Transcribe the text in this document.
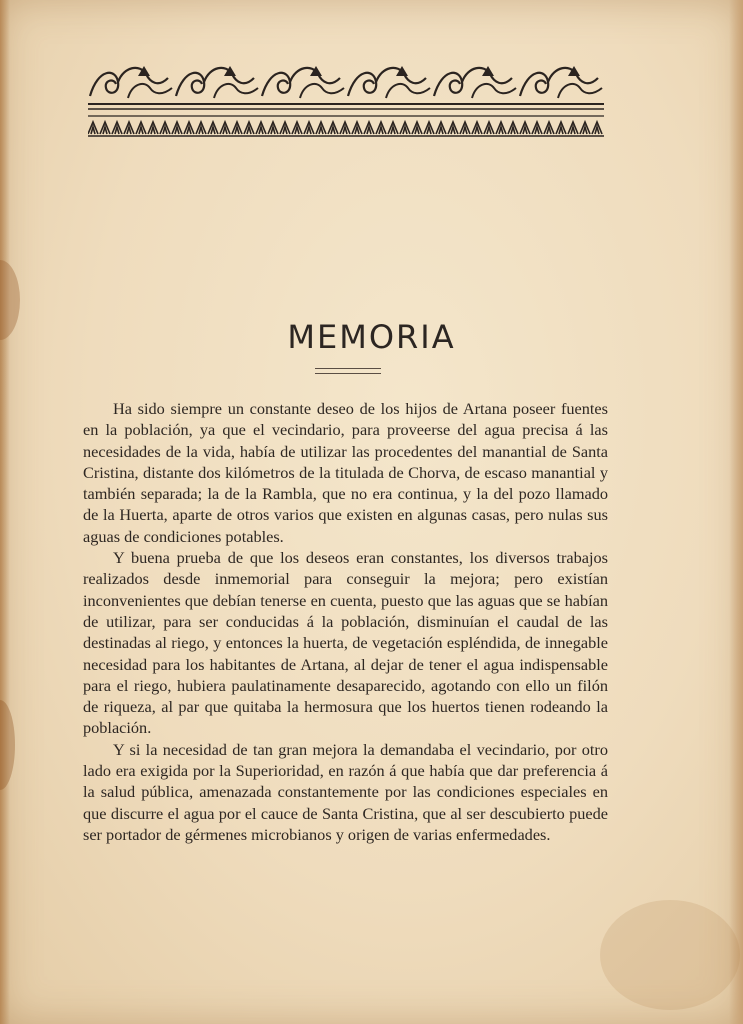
MEMORIA

Ha sido siempre un constante deseo de los hijos de Artana poseer fuentes en la población, ya que el vecindario, para proveerse del agua precisa á las necesidades de la vida, había de utilizar las procedentes del manantial de Santa Cristina, distante dos kilómetros de la titulada de Chorva, de escaso manantial y también separada; la de la Rambla, que no era continua, y la del pozo llamado de la Huerta, aparte de otros varios que existen en algunas casas, pero nulas sus aguas de condiciones potables.

Y buena prueba de que los deseos eran constantes, los diversos trabajos realizados desde inmemorial para conseguir la mejora; pero existían inconvenientes que debían tenerse en cuenta, puesto que las aguas que se habían de utilizar, para ser conducidas á la población, disminuían el caudal de las destinadas al riego, y entonces la huerta, de vegetación espléndida, de innegable necesidad para los habitantes de Artana, al dejar de tener el agua indispensable para el riego, hubiera paulatinamente desaparecido, agotando con ello un filón de riqueza, al par que quitaba la hermosura que los huertos tienen rodeando la población.

Y si la necesidad de tan gran mejora la demandaba el vecindario, por otro lado era exigida por la Superioridad, en razón á que había que dar preferencia á la salud pública, amenazada constantemente por las condiciones especiales en que discurre el agua por el cauce de Santa Cristina, que al ser descubierto puede ser portador de gérmenes microbianos y origen de varias enfermedades.
